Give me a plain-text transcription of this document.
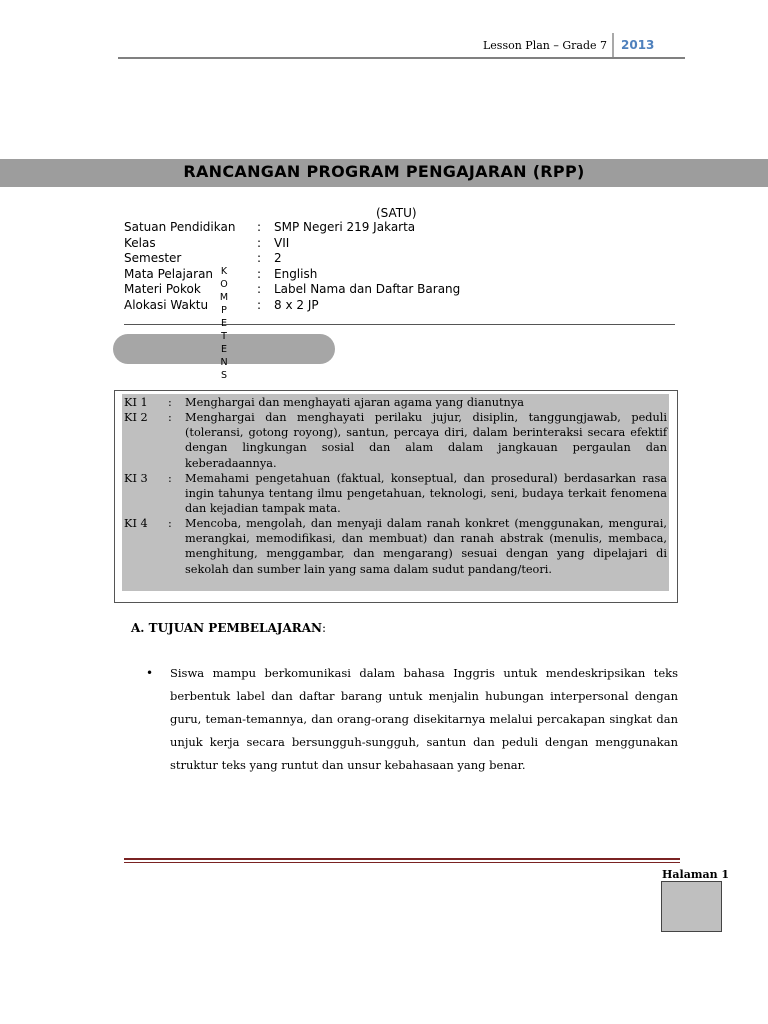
Lesson Plan – Grade 7 2013
RANCANGAN PROGRAM PENGAJARAN (RPP)
(SATU)
Satuan Pendidikan	: SMP Negeri 219 Jakarta
Kelas	: VII
Semester	: 2
Mata Pelajaran	: English
Materi Pokok	: Label Nama dan Daftar Barang
Alokasi Waktu	: 8 x 2 JP
K
O
M
P
E
T
E
N
S
KI 1 : Menghargai dan menghayati ajaran agama yang dianutnya
KI 2 : Menghargai dan menghayati perilaku jujur, disiplin, tanggungjawab, peduli (toleransi, gotong royong), santun, percaya diri, dalam berinteraksi secara efektif dengan lingkungan sosial dan alam dalam jangkauan pergaulan dan keberadaannya.
KI 3 : Memahami pengetahuan (faktual, konseptual, dan prosedural) berdasarkan rasa ingin tahunya tentang ilmu pengetahuan, teknologi, seni, budaya terkait fenomena dan kejadian tampak mata.
KI 4 : Mencoba, mengolah, dan menyaji dalam ranah konkret (menggunakan, mengurai, merangkai, memodifikasi, dan membuat) dan ranah abstrak (menulis, membaca, menghitung, menggambar, dan mengarang) sesuai dengan yang dipelajari di sekolah dan sumber lain yang sama dalam sudut pandang/teori.
A. TUJUAN PEMBELAJARAN:
• Siswa mampu berkomunikasi dalam bahasa Inggris untuk mendeskripsikan teks berbentuk label dan daftar barang untuk menjalin hubungan interpersonal dengan guru, teman-temannya, dan orang-orang disekitarnya melalui percakapan singkat dan unjuk kerja secara bersungguh-sungguh, santun dan peduli dengan menggunakan struktur teks yang runtut dan unsur kebahasaan yang benar.
Halaman 1
